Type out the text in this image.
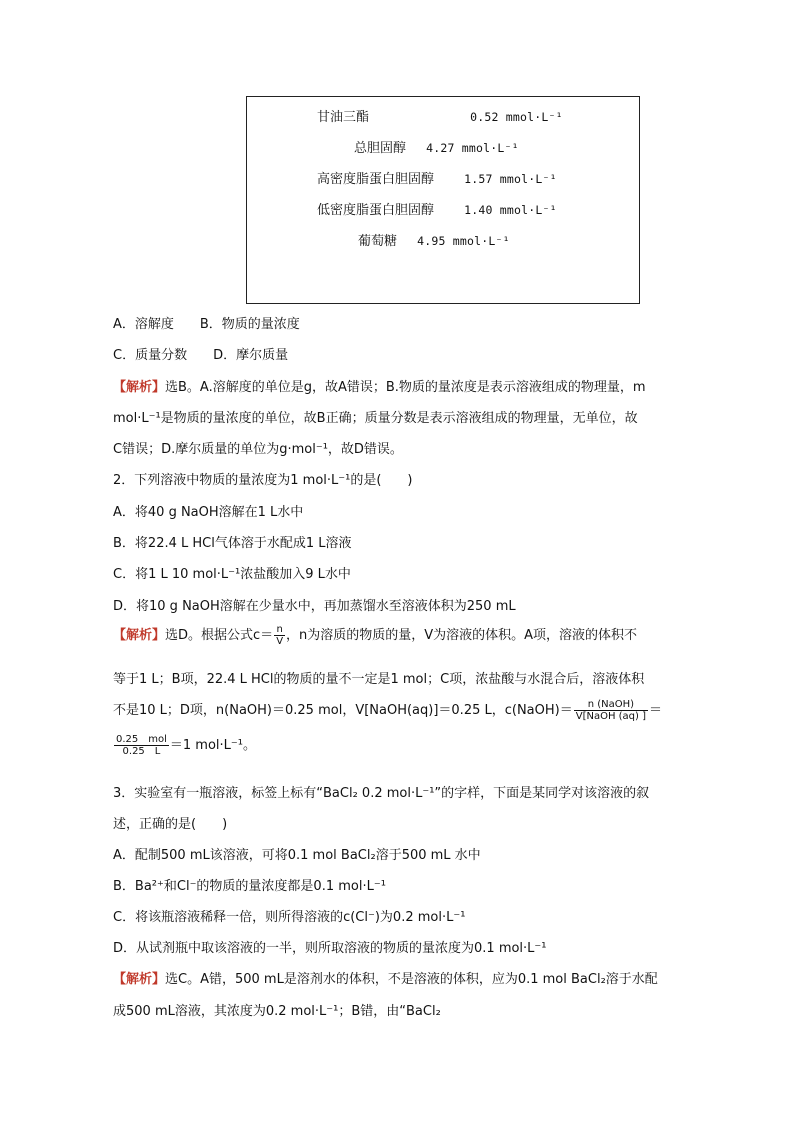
甘油三酯	0.52 mmol·L⁻¹
总胆固醇 4.27 mmol·L⁻¹
高密度脂蛋白胆固醇	1.57 mmol·L⁻¹
低密度脂蛋白胆固醇	1.40 mmol·L⁻¹
葡萄糖 4.95 mmol·L⁻¹
A．溶解度　　B．物质的量浓度
C．质量分数　　D．摩尔质量
【解析】选B。A.溶解度的单位是g，故A错误；B.物质的量浓度是表示溶液组成的物理量，m
mol·L⁻¹是物质的量浓度的单位，故B正确；质量分数是表示溶液组成的物理量，无单位，故
C错误；D.摩尔质量的单位为g·mol⁻¹，故D错误。
2．下列溶液中物质的量浓度为1 mol·L⁻¹的是(　　)
A．将40 g NaOH溶解在1 L水中
B．将22.4 L HCl气体溶于水配成1 L溶液
C．将1 L 10 mol·L⁻¹浓盐酸加入9 L水中
D．将10 g NaOH溶解在少量水中，再加蒸馏水至溶液体积为250 mL
【解析】选D。根据公式$c= \frac{n}{V}$ ，n为溶质的物质的量，V为溶液的体积。A项，溶液的体积不
等于1 L；B项，22.4 L HCl的物质的量不一定是1 mol；C项，浓盐酸与水混合后，溶液体积
不是10 L；D项，n(NaOH)＝0.25 mol，V[NaOH(aq)]＝0.25 L，c(NaOH)＝ $\frac{\text{n (NaOH)}}{\text{V[NaOH (aq) ]}}$ ＝
$\frac{\text{0.25　mol}}{0.25 L} =1$ mol·L⁻¹。
3．实验室有一瓶溶液，标签上标有“BaCl₂ 0.2 mol·L⁻¹”的字样，下面是某同学对该溶液的叙
述，正确的是(　　)
A．配制500 mL该溶液，可将0.1 mol BaCl₂溶于500 mL 水中
B．Ba²⁺和Cl⁻的物质的量浓度都是0.1 mol·L⁻¹
C．将该瓶溶液稀释一倍，则所得溶液的c(Cl⁻)为0.2 mol·L⁻¹
D．从试剂瓶中取该溶液的一半，则所取溶液的物质的量浓度为0.1 mol·L⁻¹
【解析】选C。A错，500 mL是溶剂水的体积，不是溶液的体积，应为0.1 mol BaCl₂溶于水配
成500 mL溶液，其浓度为0.2 mol·L⁻¹；B错，由“BaCl₂
